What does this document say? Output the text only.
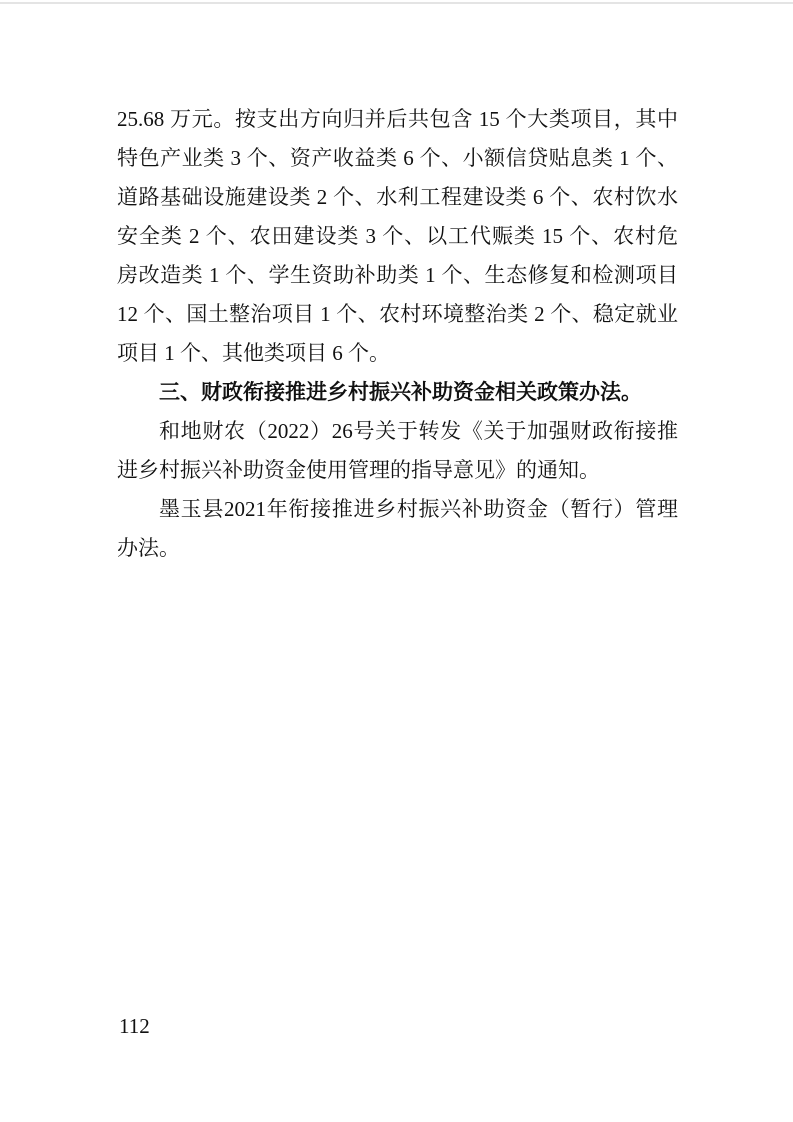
25.68 万元。按支出方向归并后共包含 15 个大类项目，其中
特色产业类 3 个、资产收益类 6 个、小额信贷贴息类 1 个、
道路基础设施建设类 2 个、水利工程建设类 6 个、农村饮水
安全类 2 个、农田建设类 3 个、以工代赈类 15 个、农村危
房改造类 1 个、学生资助补助类 1 个、生态修复和检测项目
12 个、国土整治项目 1 个、农村环境整治类 2 个、稳定就业
项目 1 个、其他类项目 6 个。
三、财政衔接推进乡村振兴补助资金相关政策办法。
和地财农（2022）26号关于转发《关于加强财政衔接推
进乡村振兴补助资金使用管理的指导意见》的通知。
墨玉县2021年衔接推进乡村振兴补助资金（暂行）管理
办法。
112
